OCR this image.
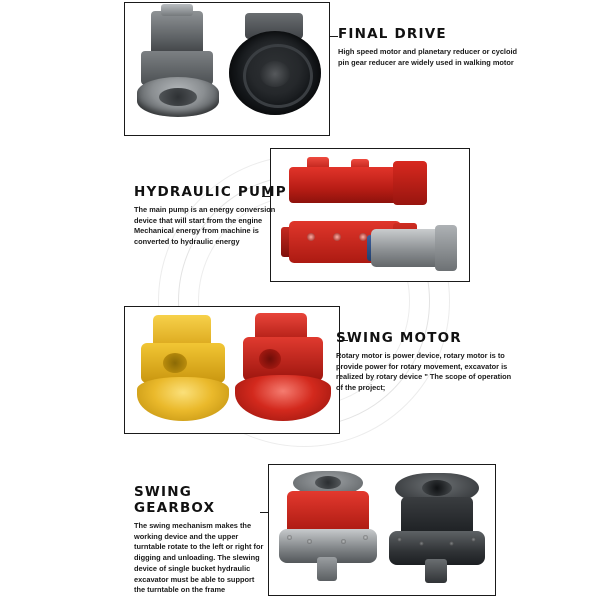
FINAL DRIVE

High speed motor and planetary reducer or cycloid pin gear reducer are widely used in walking motor

HYDRAULIC PUMP

The main pump is an energy conversion device that will start from the engine Mechanical energy from machine is converted to hydraulic energy

SWING MOTOR

Rotary motor is power device, rotary motor is to provide power for rotary movement, excavator is realized by rotary device " The scope of operation of the project;

SWING GEARBOX

The swing mechanism makes the working device and the upper turntable rotate to the left or right for digging and unloading. The slewing device of single bucket hydraulic excavator must be able to support the turntable on the frame
